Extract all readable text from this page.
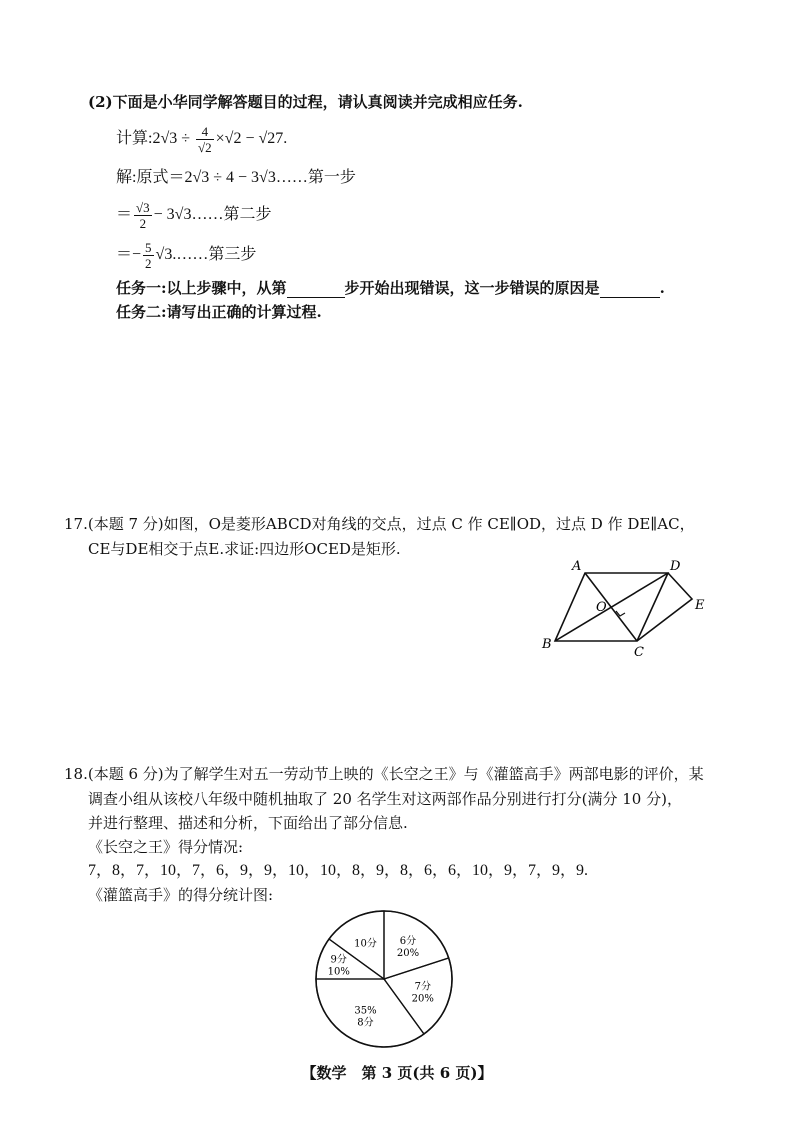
(2)下面是小华同学解答题目的过程，请认真阅读并完成相应任务.
计算:2√3 ÷ $\frac{4}{√2} \times√2 - √27$.
解:原式＝2√3 ÷ 4 − 3√3……第一步
＝ $\frac{√3}{2}$ − 3√3……第二步
＝− $\frac{5}{2}$ √3.……第三步
任务一:以上步骤中，从第	步开始出现错误，这一步错误的原因是	.
任务二:请写出正确的计算过程.
17.(本题 7 分)如图，O是菱形ABCD对角线的交点，过点 C 作 CE∥OD，过点 D 作 DE∥AC，
CE与DE相交于点E.求证:四边形OCED是矩形.
A	D
E
O
B
C
18.(本题 6 分)为了解学生对五一劳动节上映的《长空之王》与《灌篮高手》两部电影的评价，某
调查小组从该校八年级中随机抽取了 20 名学生对这两部作品分别进行打分(满分 10 分)，
并进行整理、描述和分析，下面给出了部分信息.
《长空之王》得分情况:
7，8，7，10，7，6，9，9，10，10，8，9，8，6，6，10，9，7，9，9.
《灌篮高手》的得分统计图:
6分
20%
7分
20%
35%
8分
9分
10%
10分
【数学　第 3 页(共 6 页)】
